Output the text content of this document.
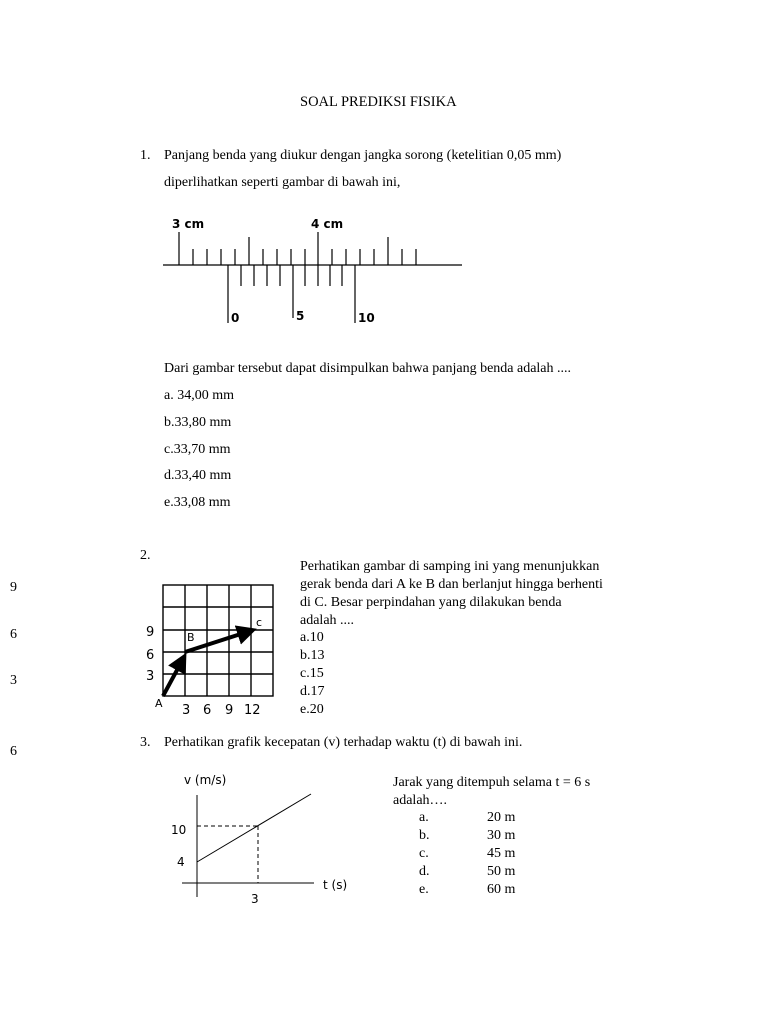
SOAL PREDIKSI FISIKA
9
6
3
6
1. Panjang benda yang diukur dengan jangka sorong (ketelitian 0,05 mm)
diperlihatkan seperti gambar di bawah ini,
3 cm	4 cm
0	5	10
Dari gambar tersebut dapat disimpulkan bahwa panjang benda adalah ....
a. 34,00 mm
b.33,80 mm
c.33,70 mm
d.33,40 mm
e.33,08 mm
2.
9
6
3
3 6 9 12
A
B
c
Perhatikan gambar di samping ini yang menunjukkan
gerak benda dari A ke B dan berlanjut hingga berhenti
di C. Besar perpindahan yang dilakukan benda
adalah ....
a.10
b.13
c.15
d.17
e.20
3. Perhatikan grafik kecepatan (v) terhadap waktu (t) di bawah ini.
v (m/s)
t (s)
10
4
3
Jarak yang ditempuh selama t = 6 s
adalah….
a.	20 m
b.	30 m
c.	45 m
d.	50 m
e.	60 m
